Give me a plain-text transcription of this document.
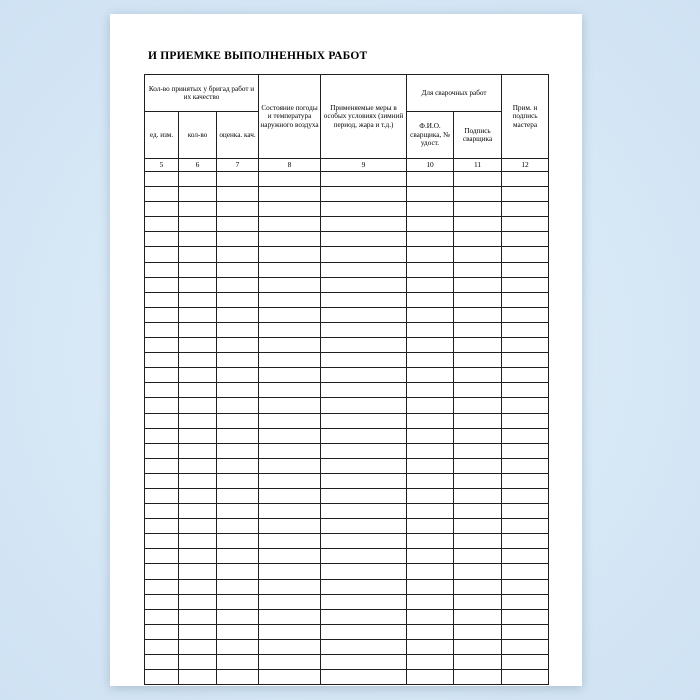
И ПРИЕМКЕ ВЫПОЛНЕННЫХ РАБОТ
Кол-во принятых у бригад работ и их качество			Состояние погоды и температура наружного воздуха	Применяемые меры в особых условиях (зимний период, жара и т.д.)	Для сварочных работ		Прим. и подпись мастера
ед. изм.	кол-во	оценка. кач.			Ф.И.О. сварщика, № удост.	Подпись сварщика	
5	6	7	8	9	10	11	12
